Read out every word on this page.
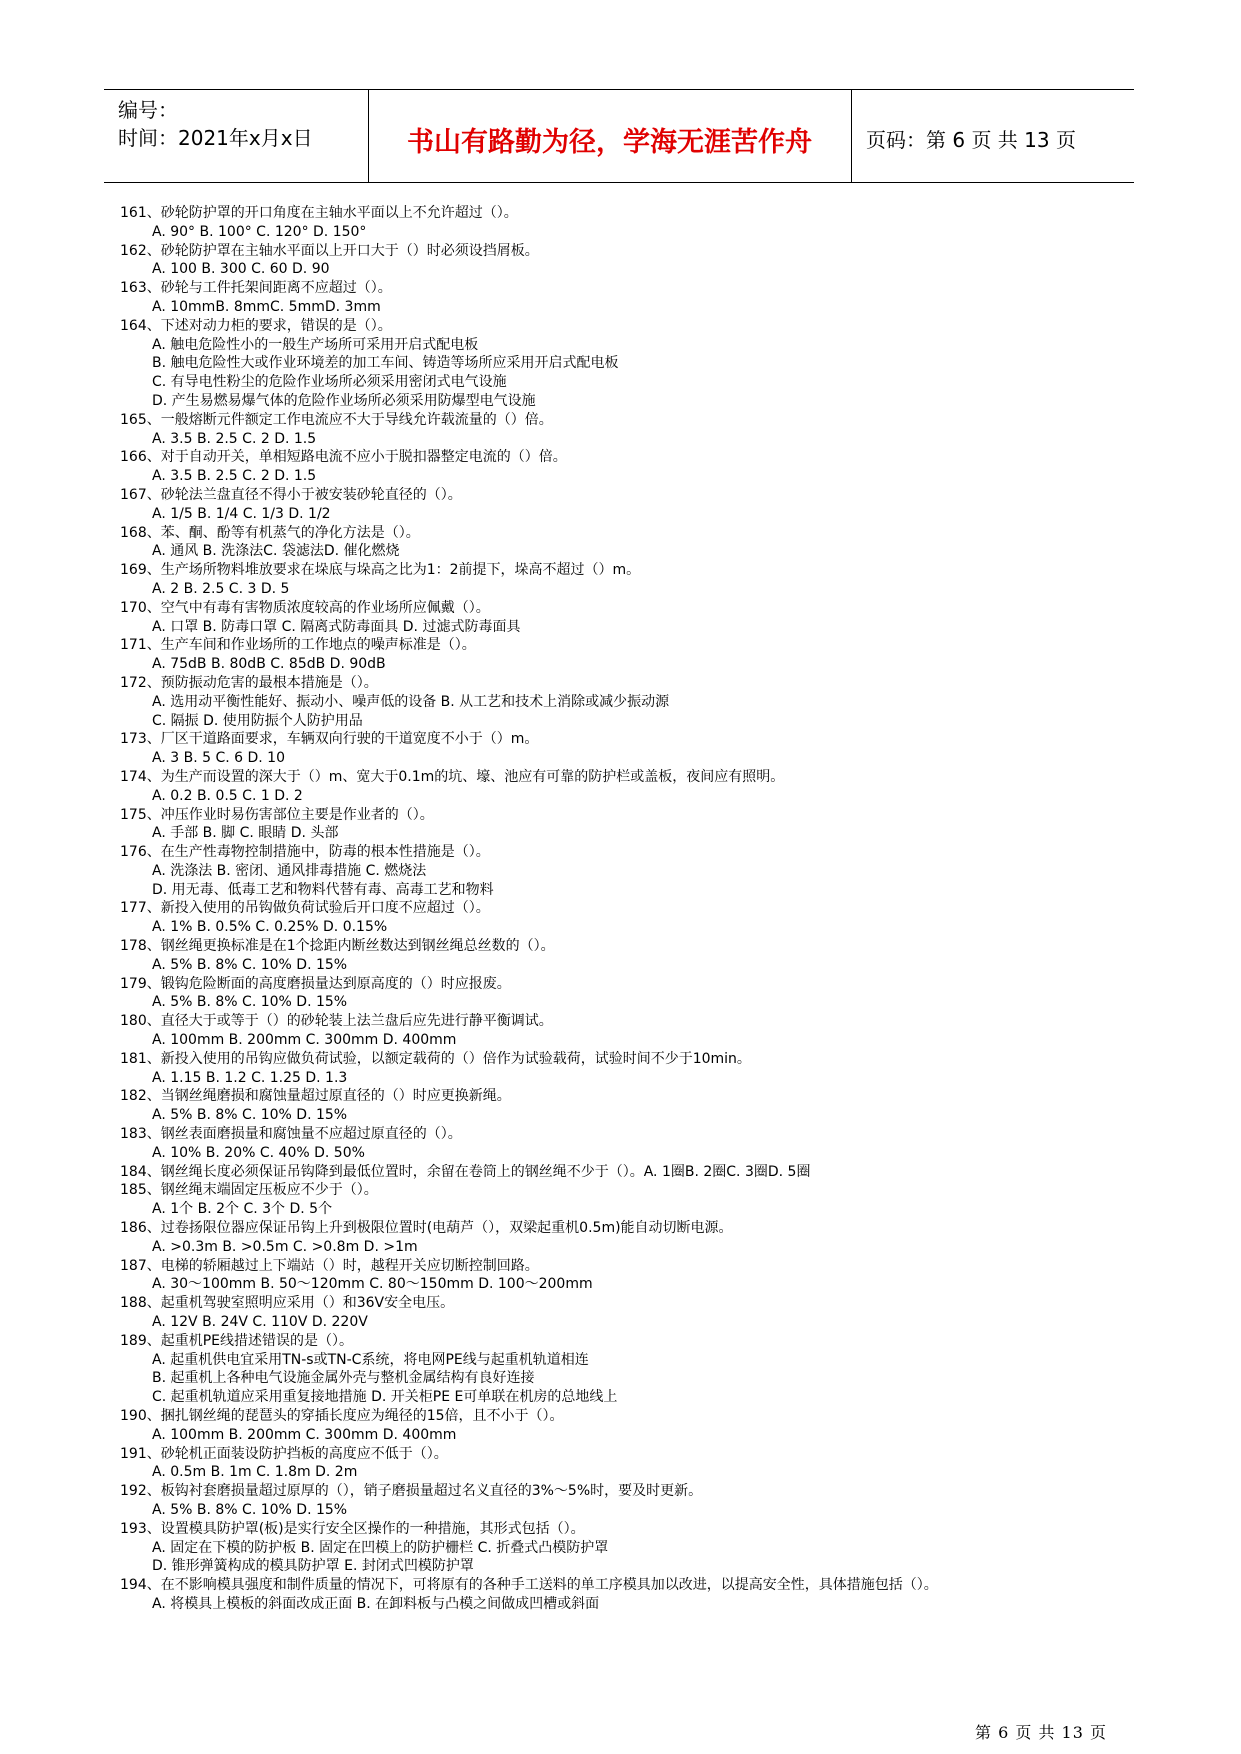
编号：
时间：2021年x月x日	书山有路勤为径，学海无涯苦作舟	页码：第 6 页 共 13 页
161、砂轮防护罩的开口角度在主轴水平面以上不允许超过（）。
A. 90° B. 100° C. 120° D. 150°
162、砂轮防护罩在主轴水平面以上开口大于（）时必须设挡屑板。
A. 100 B. 300 C. 60 D. 90
163、砂轮与工件托架间距离不应超过（）。
A. 10mmB. 8mmC. 5mmD. 3mm
164、下述对动力柜的要求，错误的是（）。
A. 触电危险性小的一般生产场所可采用开启式配电板
B. 触电危险性大或作业环境差的加工车间、铸造等场所应采用开启式配电板
C. 有导电性粉尘的危险作业场所必须采用密闭式电气设施
D. 产生易燃易爆气体的危险作业场所必须采用防爆型电气设施
165、一般熔断元件额定工作电流应不大于导线允许载流量的（）倍。
A. 3.5 B. 2.5 C. 2 D. 1.5
166、对于自动开关，单相短路电流不应小于脱扣器整定电流的（）倍。
A. 3.5 B. 2.5 C. 2 D. 1.5
167、砂轮法兰盘直径不得小于被安装砂轮直径的（）。
A. 1/5 B. 1/4 C. 1/3 D. 1/2
168、苯、酮、酚等有机蒸气的净化方法是（）。
A. 通风 B. 洗涤法C. 袋滤法D. 催化燃烧
169、生产场所物料堆放要求在垛底与垛高之比为1：2前提下，垛高不超过（）m。
A. 2 B. 2.5 C. 3 D. 5
170、空气中有毒有害物质浓度较高的作业场所应佩戴（）。
A. 口罩 B. 防毒口罩 C. 隔离式防毒面具 D. 过滤式防毒面具
171、生产车间和作业场所的工作地点的噪声标准是（）。
A. 75dB B. 80dB C. 85dB D. 90dB
172、预防振动危害的最根本措施是（）。
A. 选用动平衡性能好、振动小、噪声低的设备 B. 从工艺和技术上消除或减少振动源
C. 隔振 D. 使用防振个人防护用品
173、厂区干道路面要求，车辆双向行驶的干道宽度不小于（）m。
A. 3 B. 5 C. 6 D. 10
174、为生产而设置的深大于（）m、宽大于0.1m的坑、壕、池应有可靠的防护栏或盖板，夜间应有照明。
A. 0.2 B. 0.5 C. 1 D. 2
175、冲压作业时易伤害部位主要是作业者的（）。
A. 手部 B. 脚 C. 眼睛 D. 头部
176、在生产性毒物控制措施中，防毒的根本性措施是（）。
A. 洗涤法 B. 密闭、通风排毒措施 C. 燃烧法
D. 用无毒、低毒工艺和物料代替有毒、高毒工艺和物料
177、新投入使用的吊钩做负荷试验后开口度不应超过（）。
A. 1% B. 0.5% C. 0.25% D. 0.15%
178、钢丝绳更换标准是在1个捻距内断丝数达到钢丝绳总丝数的（）。
A. 5% B. 8% C. 10% D. 15%
179、锻钩危险断面的高度磨损量达到原高度的（）时应报废。
A. 5% B. 8% C. 10% D. 15%
180、直径大于或等于（）的砂轮装上法兰盘后应先进行静平衡调试。
A. 100mm B. 200mm C. 300mm D. 400mm
181、新投入使用的吊钩应做负荷试验，以额定载荷的（）倍作为试验载荷，试验时间不少于10min。
A. 1.15 B. 1.2 C. 1.25 D. 1.3
182、当钢丝绳磨损和腐蚀量超过原直径的（）时应更换新绳。
A. 5% B. 8% C. 10% D. 15%
183、钢丝表面磨损量和腐蚀量不应超过原直径的（）。
A. 10% B. 20% C. 40% D. 50%
184、钢丝绳长度必须保证吊钩降到最低位置时，余留在卷筒上的钢丝绳不少于（）。A. 1圈B. 2圈C. 3圈D. 5圈
185、钢丝绳末端固定压板应不少于（）。
A. 1个 B. 2个 C. 3个 D. 5个
186、过卷扬限位器应保证吊钩上升到极限位置时(电葫芦（），双梁起重机0.5m)能自动切断电源。
A. >0.3m B. >0.5m C. >0.8m D. >1m
187、电梯的轿厢越过上下端站（）时，越程开关应切断控制回路。
A. 30～100mm B. 50～120mm C. 80～150mm D. 100～200mm
188、起重机驾驶室照明应采用（）和36V安全电压。
A. 12V B. 24V C. 110V D. 220V
189、起重机PE线措述错误的是（）。
A. 起重机供电宜采用TN-s或TN-C系统，将电网PE线与起重机轨道相连
B. 起重机上各种电气设施金属外壳与整机金属结构有良好连接
C. 起重机轨道应采用重复接地措施 D. 开关柜PE E可单联在机房的总地线上
190、捆扎钢丝绳的琵琶头的穿插长度应为绳径的15倍，且不小于（）。
A. 100mm B. 200mm C. 300mm D. 400mm
191、砂轮机正面装设防护挡板的高度应不低于（）。
A. 0.5m B. 1m C. 1.8m D. 2m
192、板钩衬套磨损量超过原厚的（），销子磨损量超过名义直径的3%～5%时，要及时更新。
A. 5% B. 8% C. 10% D. 15%
193、设置模具防护罩(板)是实行安全区操作的一种措施，其形式包括（）。
A. 固定在下模的防护板 B. 固定在凹模上的防护栅栏 C. 折叠式凸模防护罩
D. 锥形弹簧构成的模具防护罩 E. 封闭式凹模防护罩
194、在不影响模具强度和制件质量的情况下，可将原有的各种手工送料的单工序模具加以改进，以提高安全性，具体措施包括（）。
A. 将模具上模板的斜面改成正面 B. 在卸料板与凸模之间做成凹槽或斜面
第 6 页 共 13 页
